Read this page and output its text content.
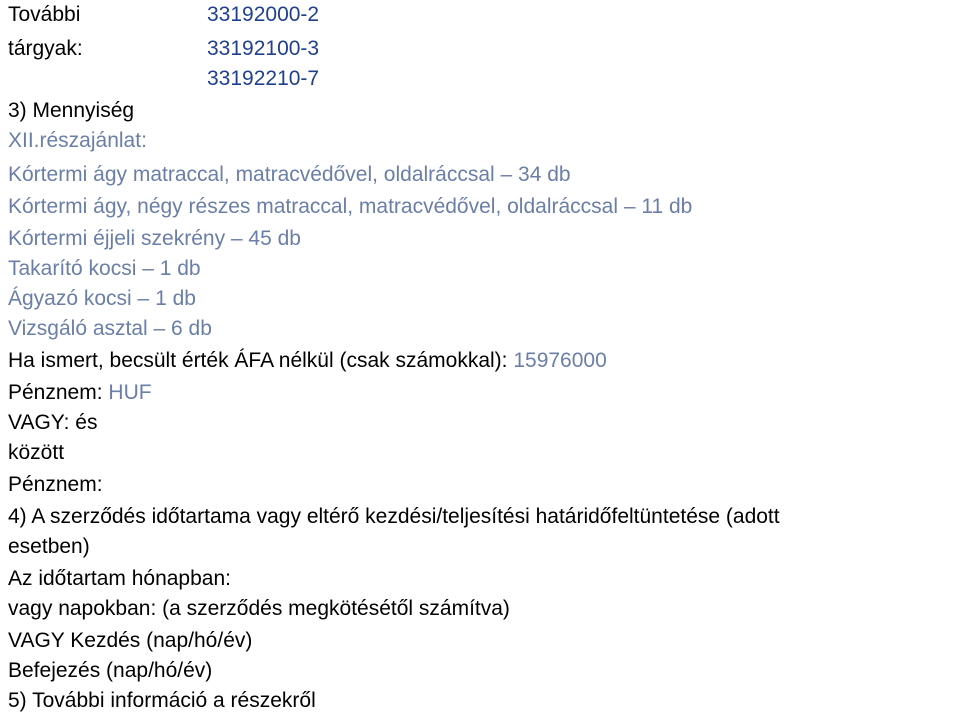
További
tárgyak:
33192000-2
33192100-3
33192210-7
3) Mennyiség
XII.részajánlat:
Kórtermi ágy matraccal, matracvédővel, oldalráccsal – 34 db
Kórtermi ágy, négy részes matraccal, matracvédővel, oldalráccsal – 11 db
Kórtermi éjjeli szekrény – 45 db
Takarító kocsi – 1 db
Ágyazó kocsi – 1 db
Vizsgáló asztal – 6 db
Ha ismert, becsült érték ÁFA nélkül (csak számokkal): 15976000
Pénznem: HUF
VAGY: és
között
Pénznem:
4) A szerződés időtartama vagy eltérő kezdési/teljesítési határidőfeltüntetése (adott
esetben)
Az időtartam hónapban:
vagy napokban: (a szerződés megkötésétől számítva)
VAGY Kezdés (nap/hó/év)
Befejezés (nap/hó/év)
5) További információ a részekről
